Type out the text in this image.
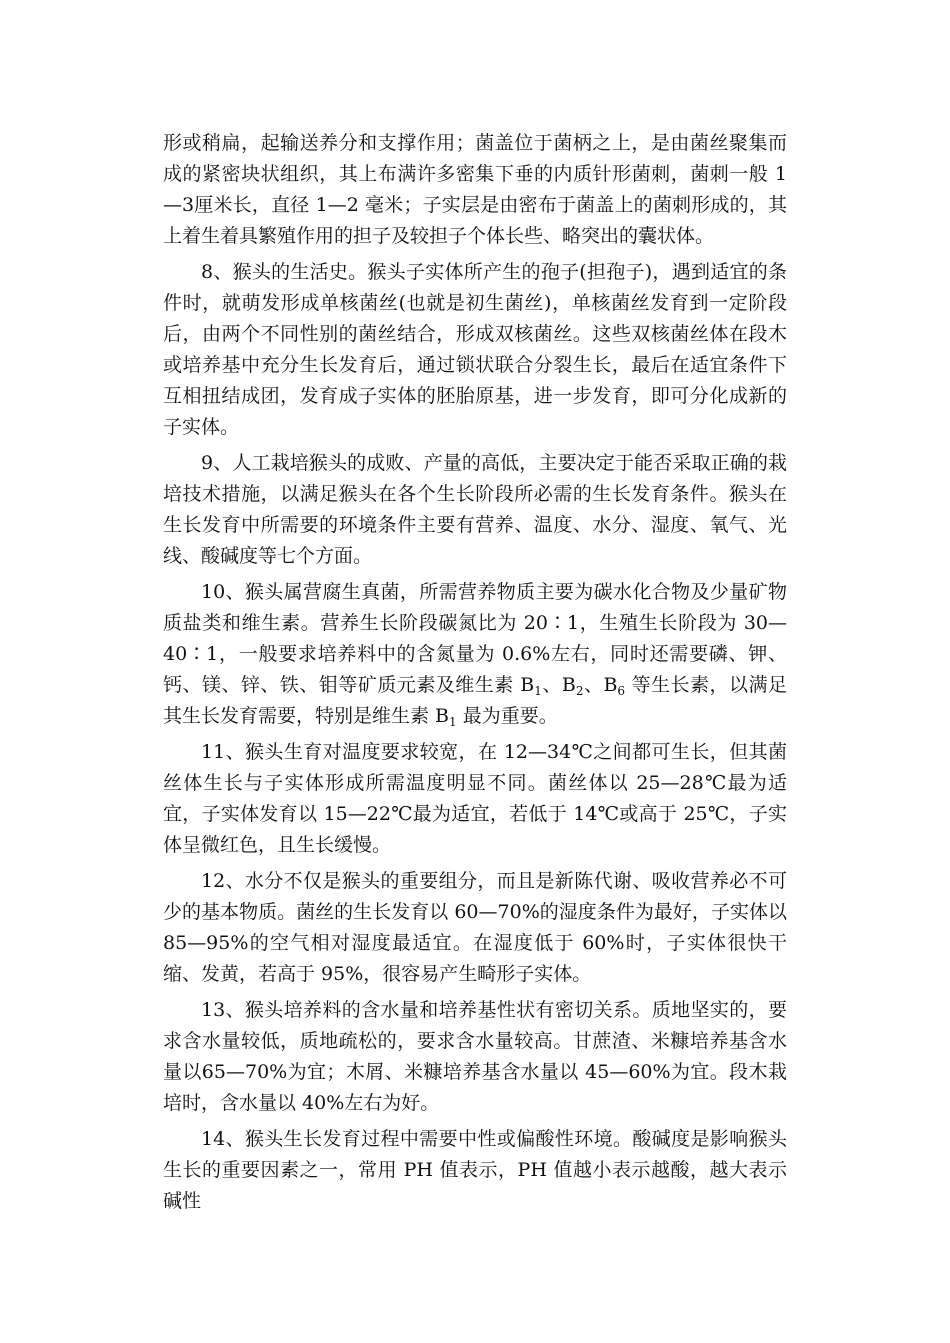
形或稍扁，起输送养分和支撑作用；菌盖位于菌柄之上，是由菌丝聚集而成的紧密块状组织，其上布满许多密集下垂的内质针形菌刺，菌刺一般 1—3厘米长，直径 1—2 毫米；子实层是由密布于菌盖上的菌刺形成的，其上着生着具繁殖作用的担子及较担子个体长些、略突出的囊状体。

8、猴头的生活史。猴头子实体所产生的孢子(担孢子)，遇到适宜的条件时，就萌发形成单核菌丝(也就是初生菌丝)，单核菌丝发育到一定阶段后，由两个不同性别的菌丝结合，形成双核菌丝。这些双核菌丝体在段木或培养基中充分生长发育后，通过锁状联合分裂生长，最后在适宜条件下互相扭结成团，发育成子实体的胚胎原基，进一步发育，即可分化成新的子实体。

9、人工栽培猴头的成败、产量的高低，主要决定于能否采取正确的栽培技术措施，以满足猴头在各个生长阶段所必需的生长发育条件。猴头在生长发育中所需要的环境条件主要有营养、温度、水分、湿度、氧气、光线、酸碱度等七个方面。

10、猴头属营腐生真菌，所需营养物质主要为碳水化合物及少量矿物质盐类和维生素。营养生长阶段碳氮比为 20∶1，生殖生长阶段为 30—40∶1，一般要求培养料中的含氮量为 0.6%左右，同时还需要磷、钾、钙、镁、锌、铁、钼等矿质元素及维生素 $B_1$、$B_2$、$B_6$ 等生长素，以满足其生长发育需要，特别是维生素 $B_1$ 最为重要。

11、猴头生育对温度要求较宽，在 12—34℃之间都可生长，但其菌丝体生长与子实体形成所需温度明显不同。菌丝体以 25—28℃最为适宜，子实体发育以 15—22℃最为适宜，若低于 14℃或高于 25℃，子实体呈微红色，且生长缓慢。

12、水分不仅是猴头的重要组分，而且是新陈代谢、吸收营养必不可少的基本物质。菌丝的生长发育以 60—70%的湿度条件为最好，子实体以85—95%的空气相对湿度最适宜。在湿度低于 60%时，子实体很快干缩、发黄，若高于 95%，很容易产生畸形子实体。

13、猴头培养料的含水量和培养基性状有密切关系。质地坚实的，要求含水量较低，质地疏松的，要求含水量较高。甘蔗渣、米糠培养基含水量以65—70%为宜；木屑、米糠培养基含水量以 45—60%为宜。段木栽培时，含水量以 40%左右为好。

14、猴头生长发育过程中需要中性或偏酸性环境。酸碱度是影响猴头生长的重要因素之一，常用 PH 值表示，PH 值越小表示越酸，越大表示碱性
